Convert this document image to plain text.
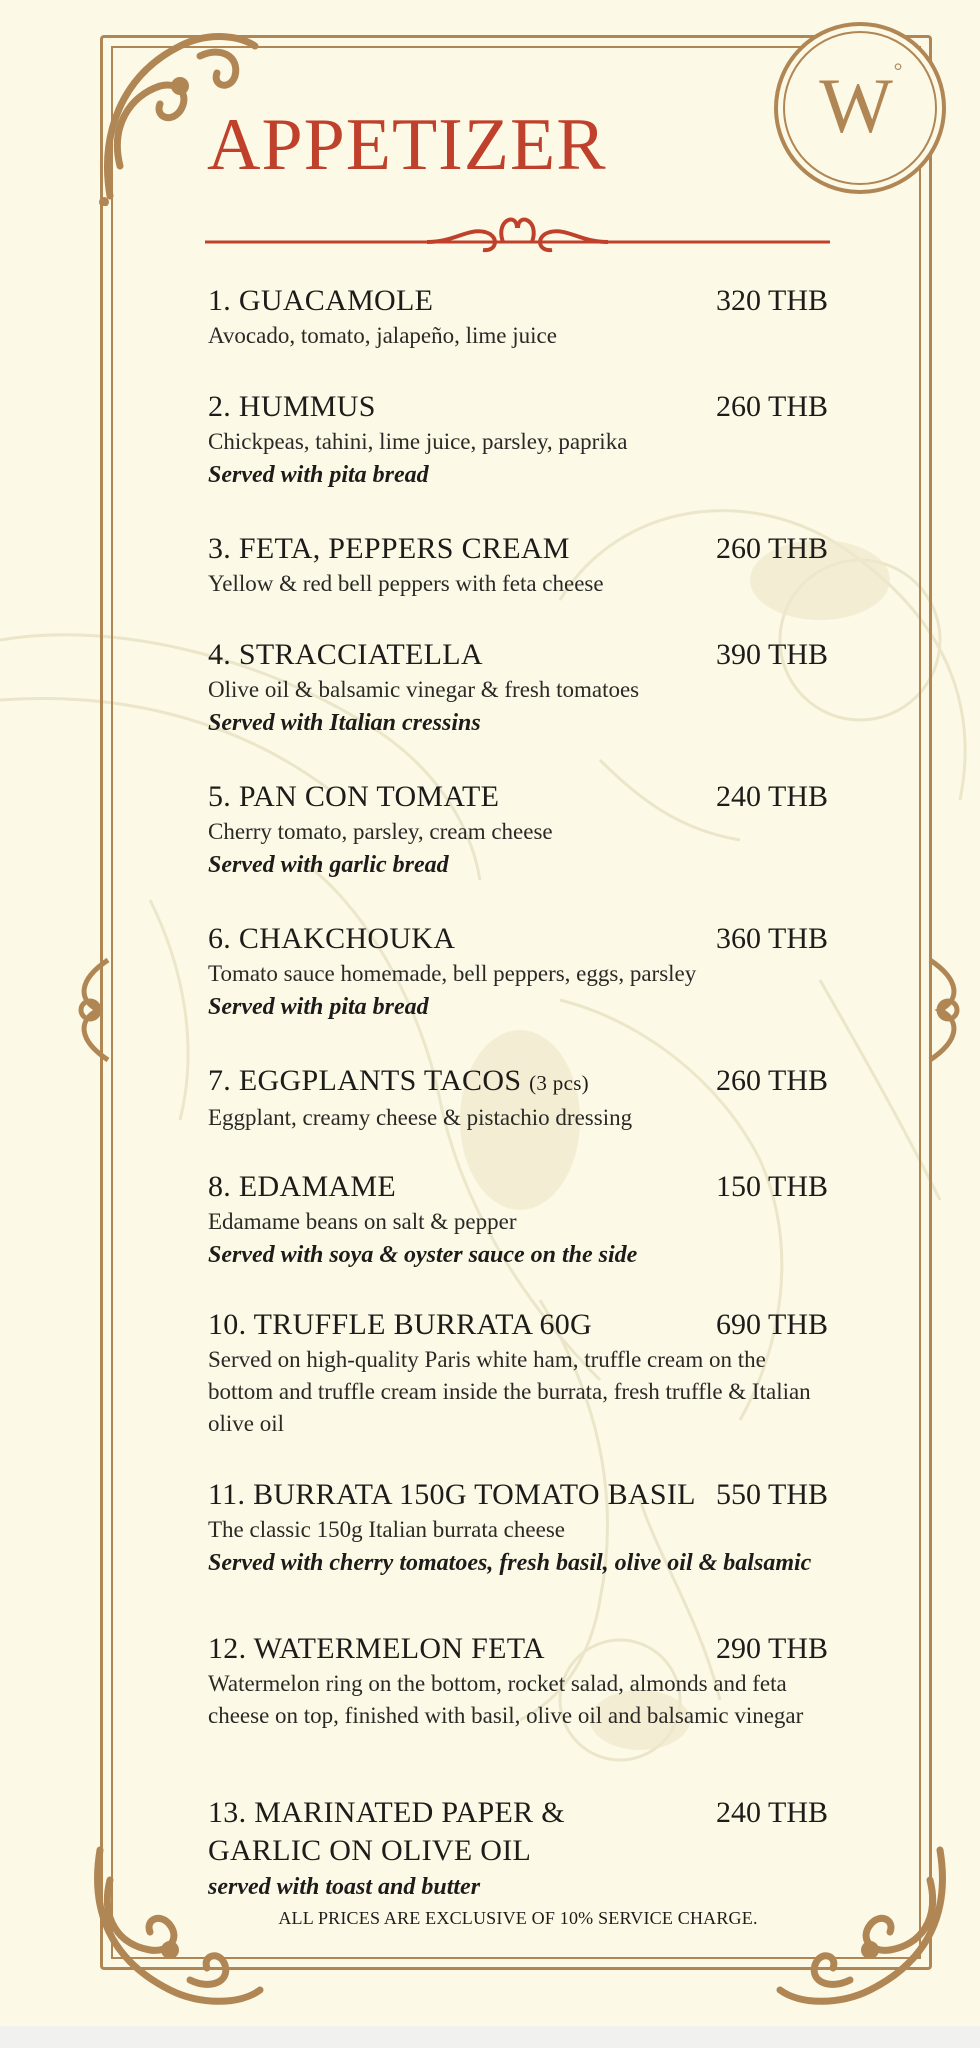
W °
APPETIZER
1. GUACAMOLE	320 THB
Avocado, tomato, jalapeño, lime juice
2. HUMMUS	260 THB
Chickpeas, tahini, lime juice, parsley, paprika
Served with pita bread
3. FETA, PEPPERS CREAM	260 THB
Yellow & red bell peppers with feta cheese
4. STRACCIATELLA	390 THB
Olive oil & balsamic vinegar & fresh tomatoes
Served with Italian cressins
5. PAN CON TOMATE	240 THB
Cherry tomato, parsley, cream cheese
Served with garlic bread
6. CHAKCHOUKA	360 THB
Tomato sauce homemade, bell peppers, eggs, parsley
Served with pita bread
7. EGGPLANTS TACOS (3 pcs)	260 THB
Eggplant, creamy cheese & pistachio dressing
8. EDAMAME	150 THB
Edamame beans on salt & pepper
Served with soya & oyster sauce on the side
10. TRUFFLE BURRATA 60G	690 THB
Served on high-quality Paris white ham, truffle cream on the bottom and truffle cream inside the burrata, fresh truffle & Italian olive oil
11. BURRATA 150G TOMATO BASIL 550 THB
The classic 150g Italian burrata cheese
Served with cherry tomatoes, fresh basil, olive oil & balsamic
12. WATERMELON FETA	290 THB
Watermelon ring on the bottom, rocket salad, almonds and feta cheese on top, finished with basil, olive oil and balsamic vinegar
13. MARINATED PAPER & GARLIC ON OLIVE OIL
240 THB
served with toast and butter
ALL PRICES ARE EXCLUSIVE OF 10% SERVICE CHARGE.
